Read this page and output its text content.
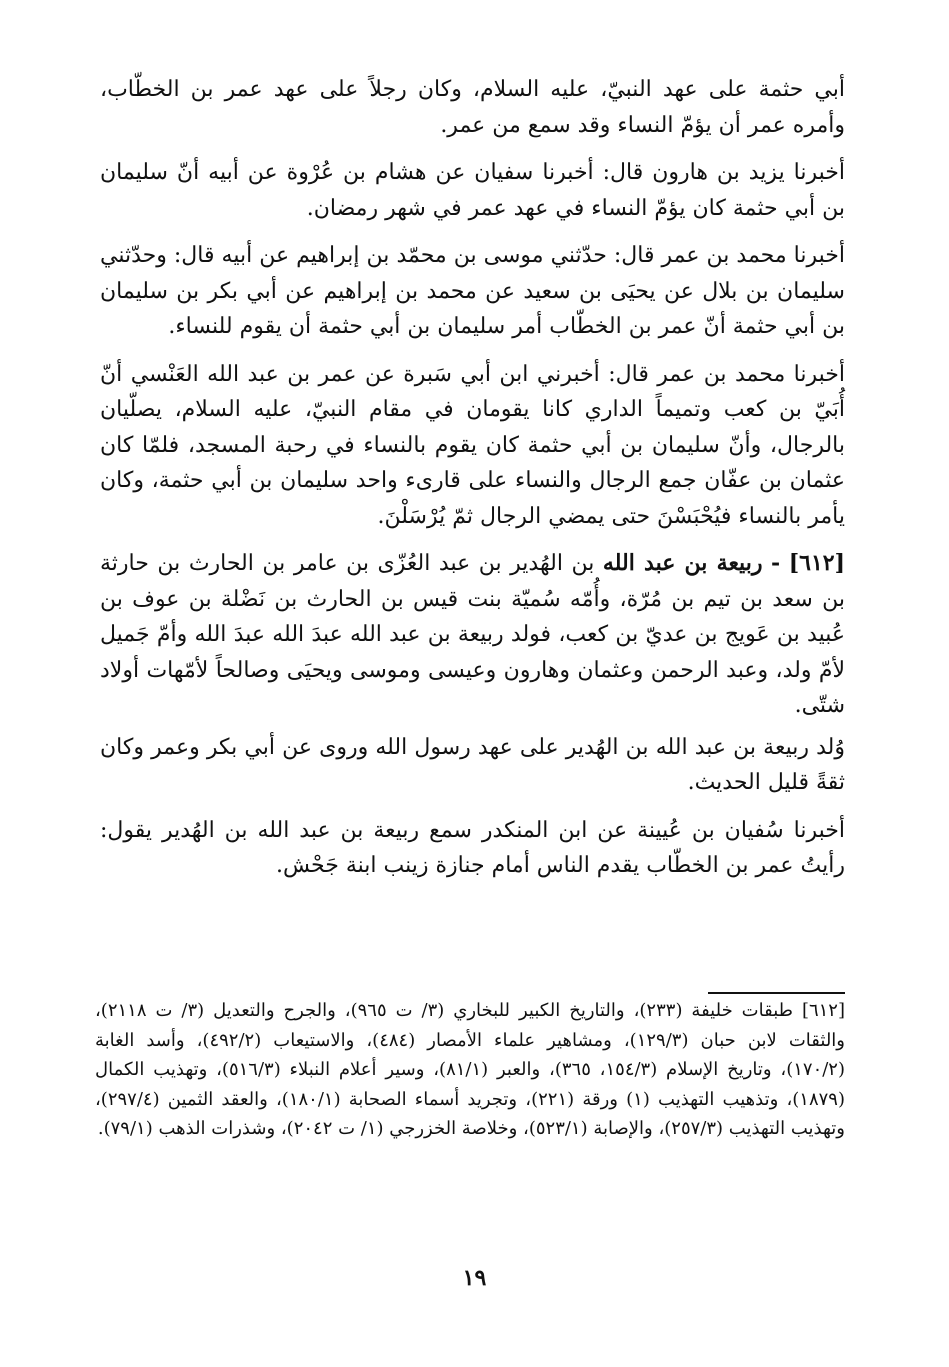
أبي حثمة على عهد النبيّ، عليه السلام، وكان رجلاً على عهد عمر بن الخطّاب، وأمره عمر أن يؤمّ النساء وقد سمع من عمر.

أخبرنا يزيد بن هارون قال: أخبرنا سفيان عن هشام بن عُرْوة عن أبيه أنّ سليمان بن أبي حثمة كان يؤمّ النساء في عهد عمر في شهر رمضان.

أخبرنا محمد بن عمر قال: حدّثني موسى بن محمّد بن إبراهيم عن أبيه قال: وحدّثني سليمان بن بلال عن يحيَى بن سعيد عن محمد بن إبراهيم عن أبي بكر بن سليمان بن أبي حثمة أنّ عمر بن الخطّاب أمر سليمان بن أبي حثمة أن يقوم للنساء.

أخبرنا محمد بن عمر قال: أخبرني ابن أبي سَبرة عن عمر بن عبد الله العَنْسي أنّ أُبَيّ بن كعب وتميماً الداري كانا يقومان في مقام النبيّ، عليه السلام، يصلّيان بالرجال، وأنّ سليمان بن أبي حثمة كان يقوم بالنساء في رحبة المسجد، فلمّا كان عثمان بن عفّان جمع الرجال والنساء على قارىء واحد سليمان بن أبي حثمة، وكان يأمر بالنساء فيُحْبَسْنَ حتى يمضي الرجال ثمّ يُرْسَلْنَ.

[٦١٢] - ربيعة بن عبد الله بن الهُدير بن عبد العُزّى بن عامر بن الحارث بن حارثة بن سعد بن تيم بن مُرّة، وأُمّه سُميّة بنت قيس بن الحارث بن نَضْلة بن عوف بن عُبيد بن عَويج بن عديّ بن كعب، فولد ربيعة بن عبد الله عبدَ الله عبدَ الله وأمّ جَميل لأمّ ولد، وعبد الرحمن وعثمان وهارون وعيسى وموسى ويحيَى وصالحاً لأمّهات أولاد شتّى.

وُلد ربيعة بن عبد الله بن الهُدير على عهد رسول الله وروى عن أبي بكر وعمر وكان ثقةً قليل الحديث.

أخبرنا سُفيان بن عُيينة عن ابن المنكدر سمع ربيعة بن عبد الله بن الهُدير يقول: رأيتُ عمر بن الخطّاب يقدم الناس أمام جنازة زينب ابنة جَحْش.

[٦١٢] طبقات خليفة (٢٣٣)، والتاريخ الكبير للبخاري (٣/ ت ٩٦٥)، والجرح والتعديل (٣/ ت ٢١١٨)، والثقات لابن حبان (١٢٩/٣)، ومشاهير علماء الأمصار (٤٨٤)، والاستيعاب (٤٩٢/٢)، وأسد الغابة (١٧٠/٢)، وتاريخ الإسلام (١٥٤/٣، ٣٦٥)، والعبر (٨١/١)، وسير أعلام النبلاء (٥١٦/٣)، وتهذيب الكمال (١٨٧٩)، وتذهيب التهذيب (١) ورقة (٢٢١)، وتجريد أسماء الصحابة (١٨٠/١)، والعقد الثمين (٢٩٧/٤)، وتهذيب التهذيب (٢٥٧/٣)، والإصابة (٥٢٣/١)، وخلاصة الخزرجي (١/ ت ٢٠٤٢)، وشذرات الذهب (٧٩/١).

١٩
